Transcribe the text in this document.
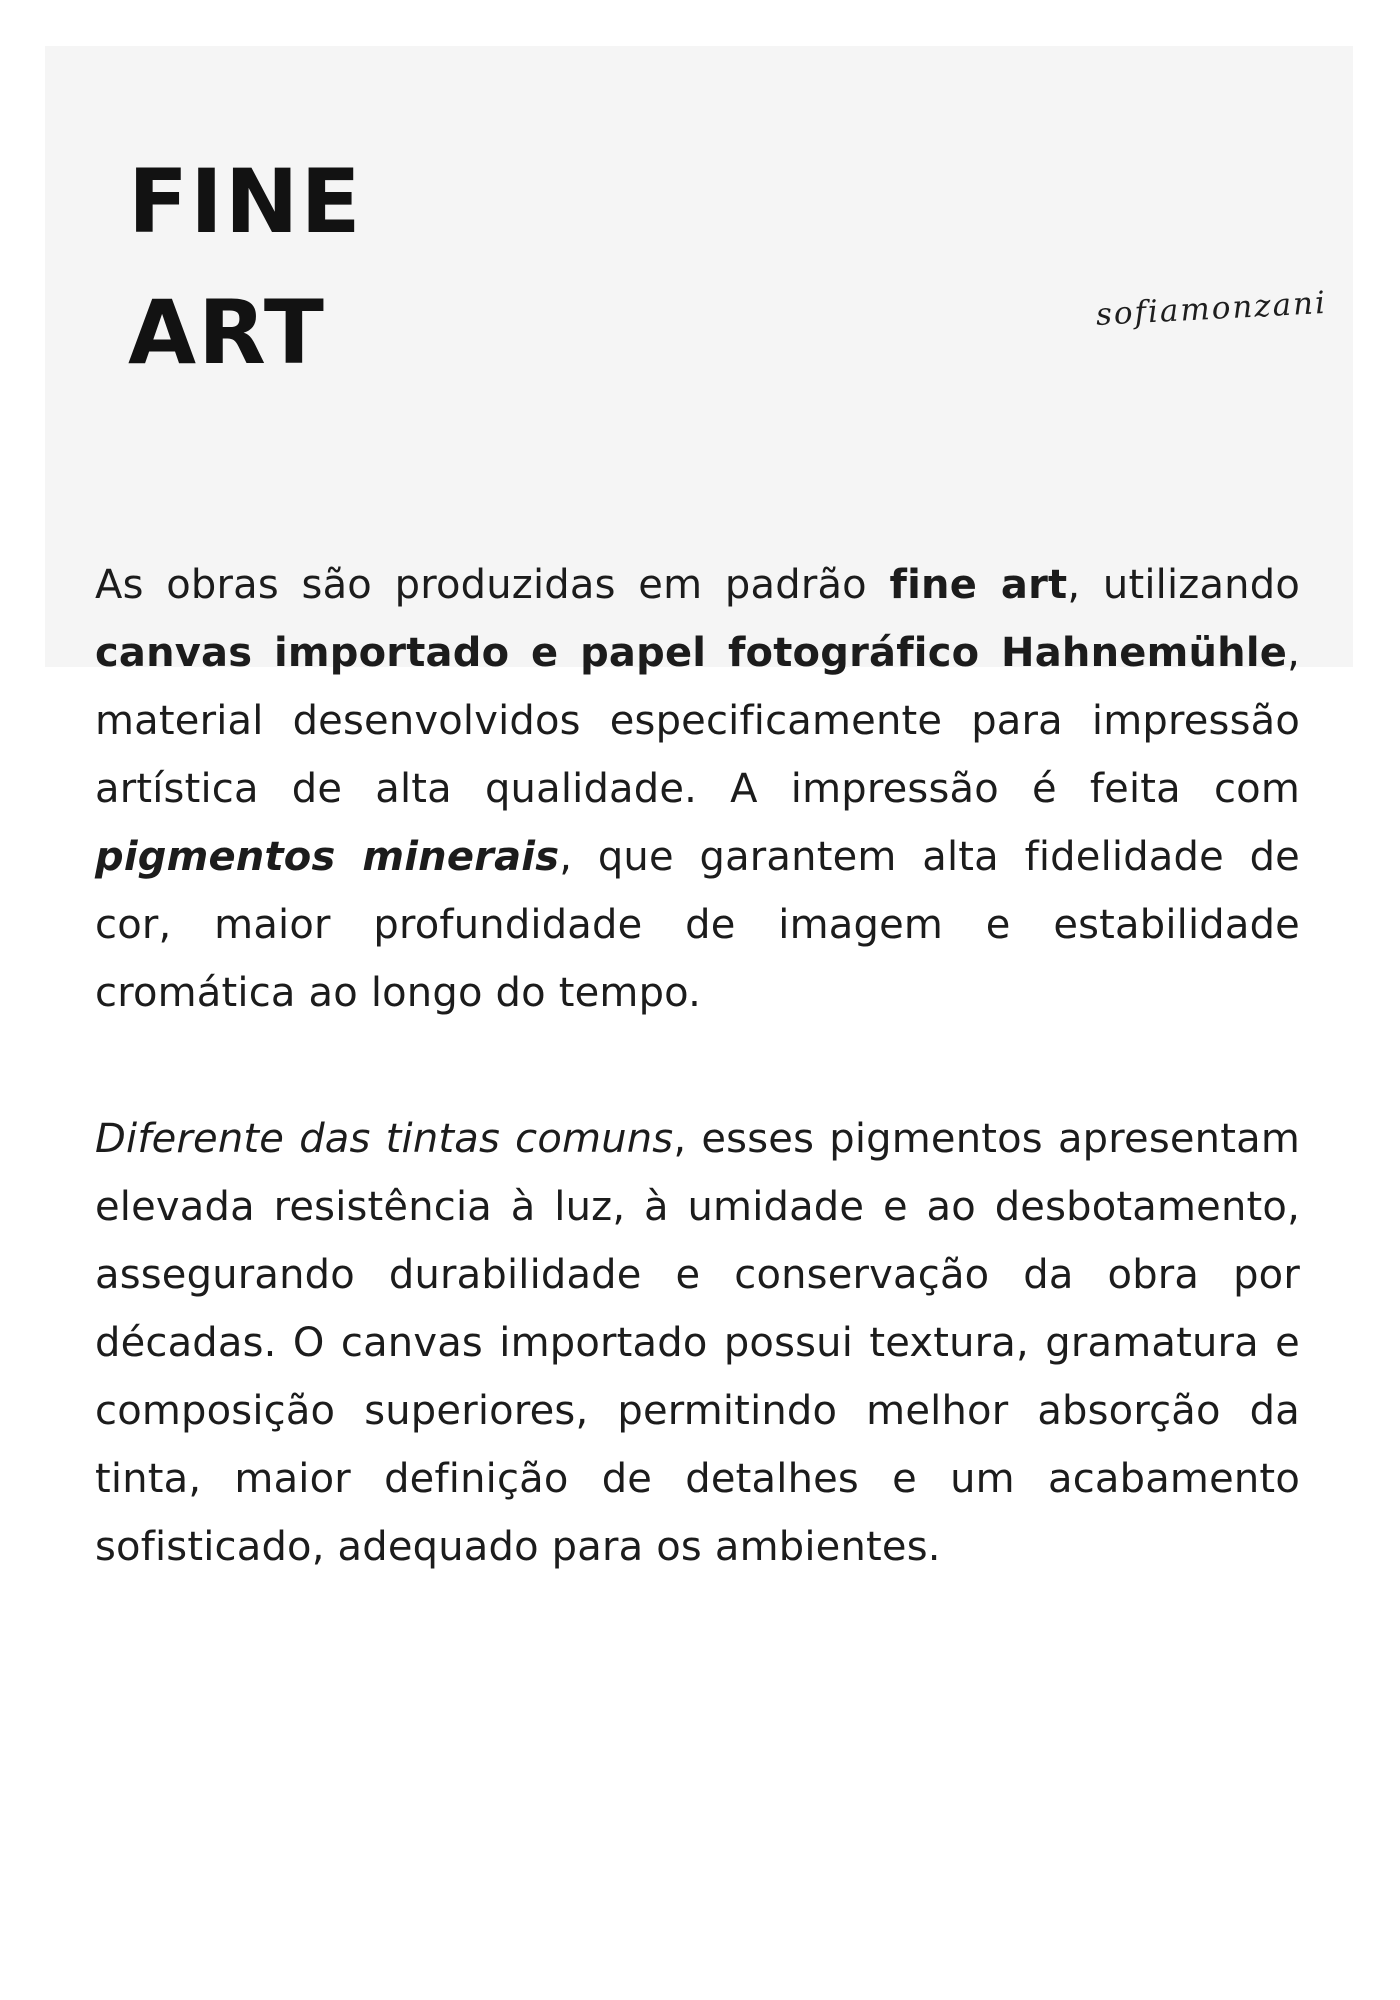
FINE
ART	sofiamonzani

As obras são produzidas em padrão fine art, utilizando canvas importado e papel fotográfico Hahnemühle, material desenvolvidos especificamente para impressão artística de alta qualidade. A impressão é feita com pigmentos minerais, que garantem alta fidelidade de cor, maior profundidade de imagem e estabilidade cromática ao longo do tempo.

Diferente das tintas comuns, esses pigmentos apresentam elevada resistência à luz, à umidade e ao desbotamento, assegurando durabilidade e conservação da obra por décadas. O canvas importado possui textura, gramatura e composição superiores, permitindo melhor absorção da tinta, maior definição de detalhes e um acabamento sofisticado, adequado para os ambientes.
